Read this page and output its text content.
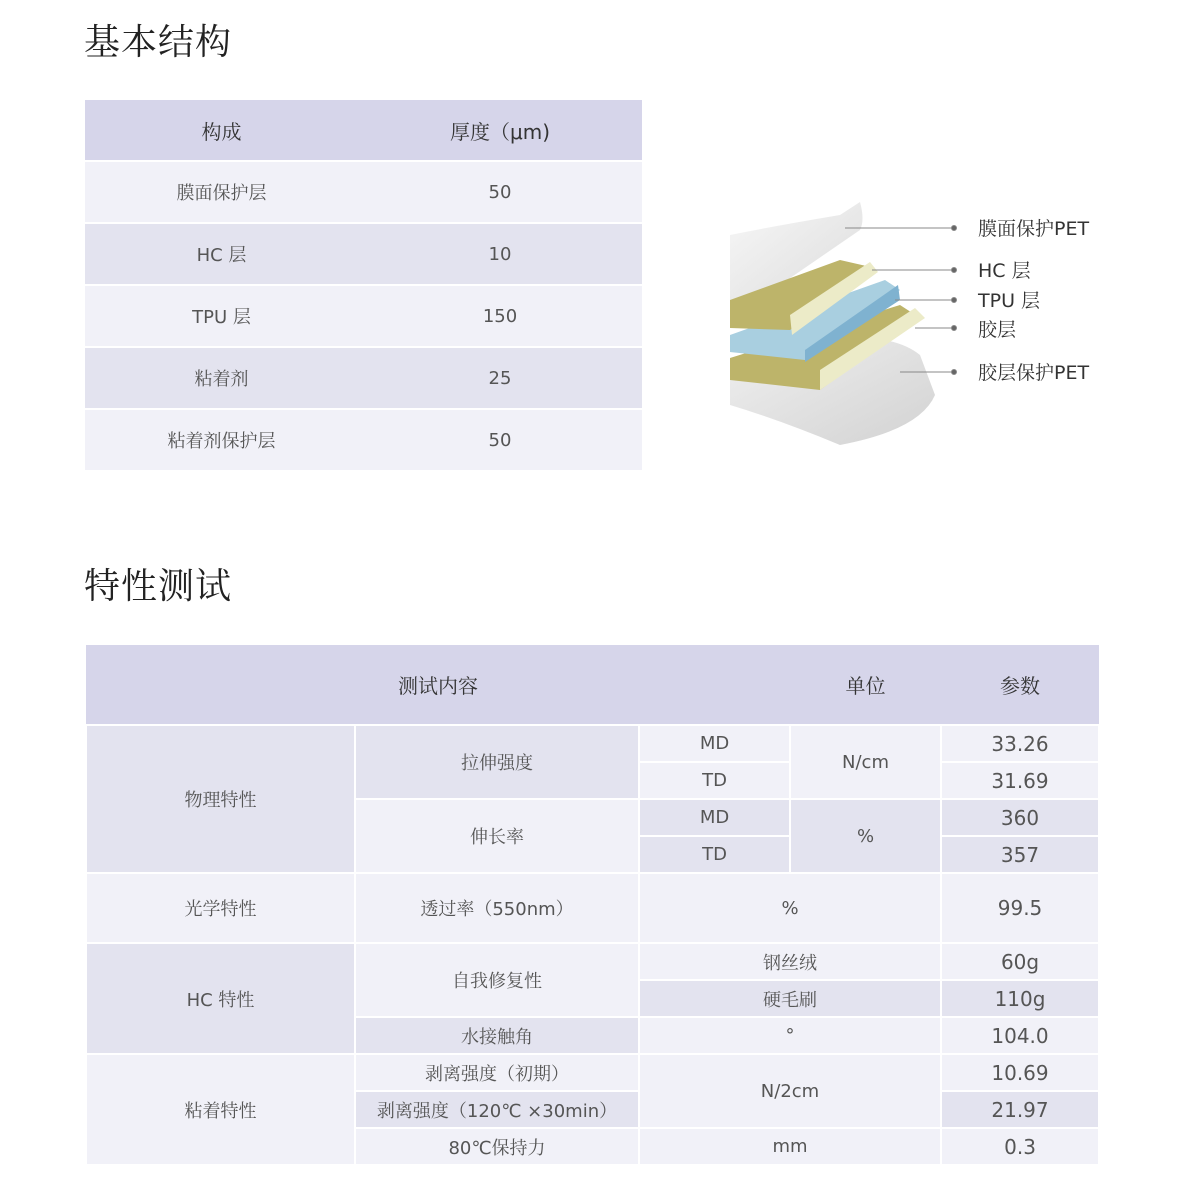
基本结构
构成	厚度（μm)
膜面保护层	50
HC 层	10
TPU 层	150
粘着剂	25
粘着剂保护层	50
膜面保护PET
HC 层
TPU 层
胶层
胶层保护PET
特性测试
测试内容			单位	参数
物理特性	拉伸强度	MD	N/cm	33.26
		TD		31.69
	伸长率	MD	%	360
		TD		357
光学特性	透过率（550nm）	%		99.5
HC 特性	自我修复性	钢丝绒		60g
		硬毛刷		110g
	水接触角	°		104.0
粘着特性	剥离强度（初期）	N/2cm		10.69
	剥离强度（120℃ ×30min）			21.97
	80℃保持力	mm		0.3
